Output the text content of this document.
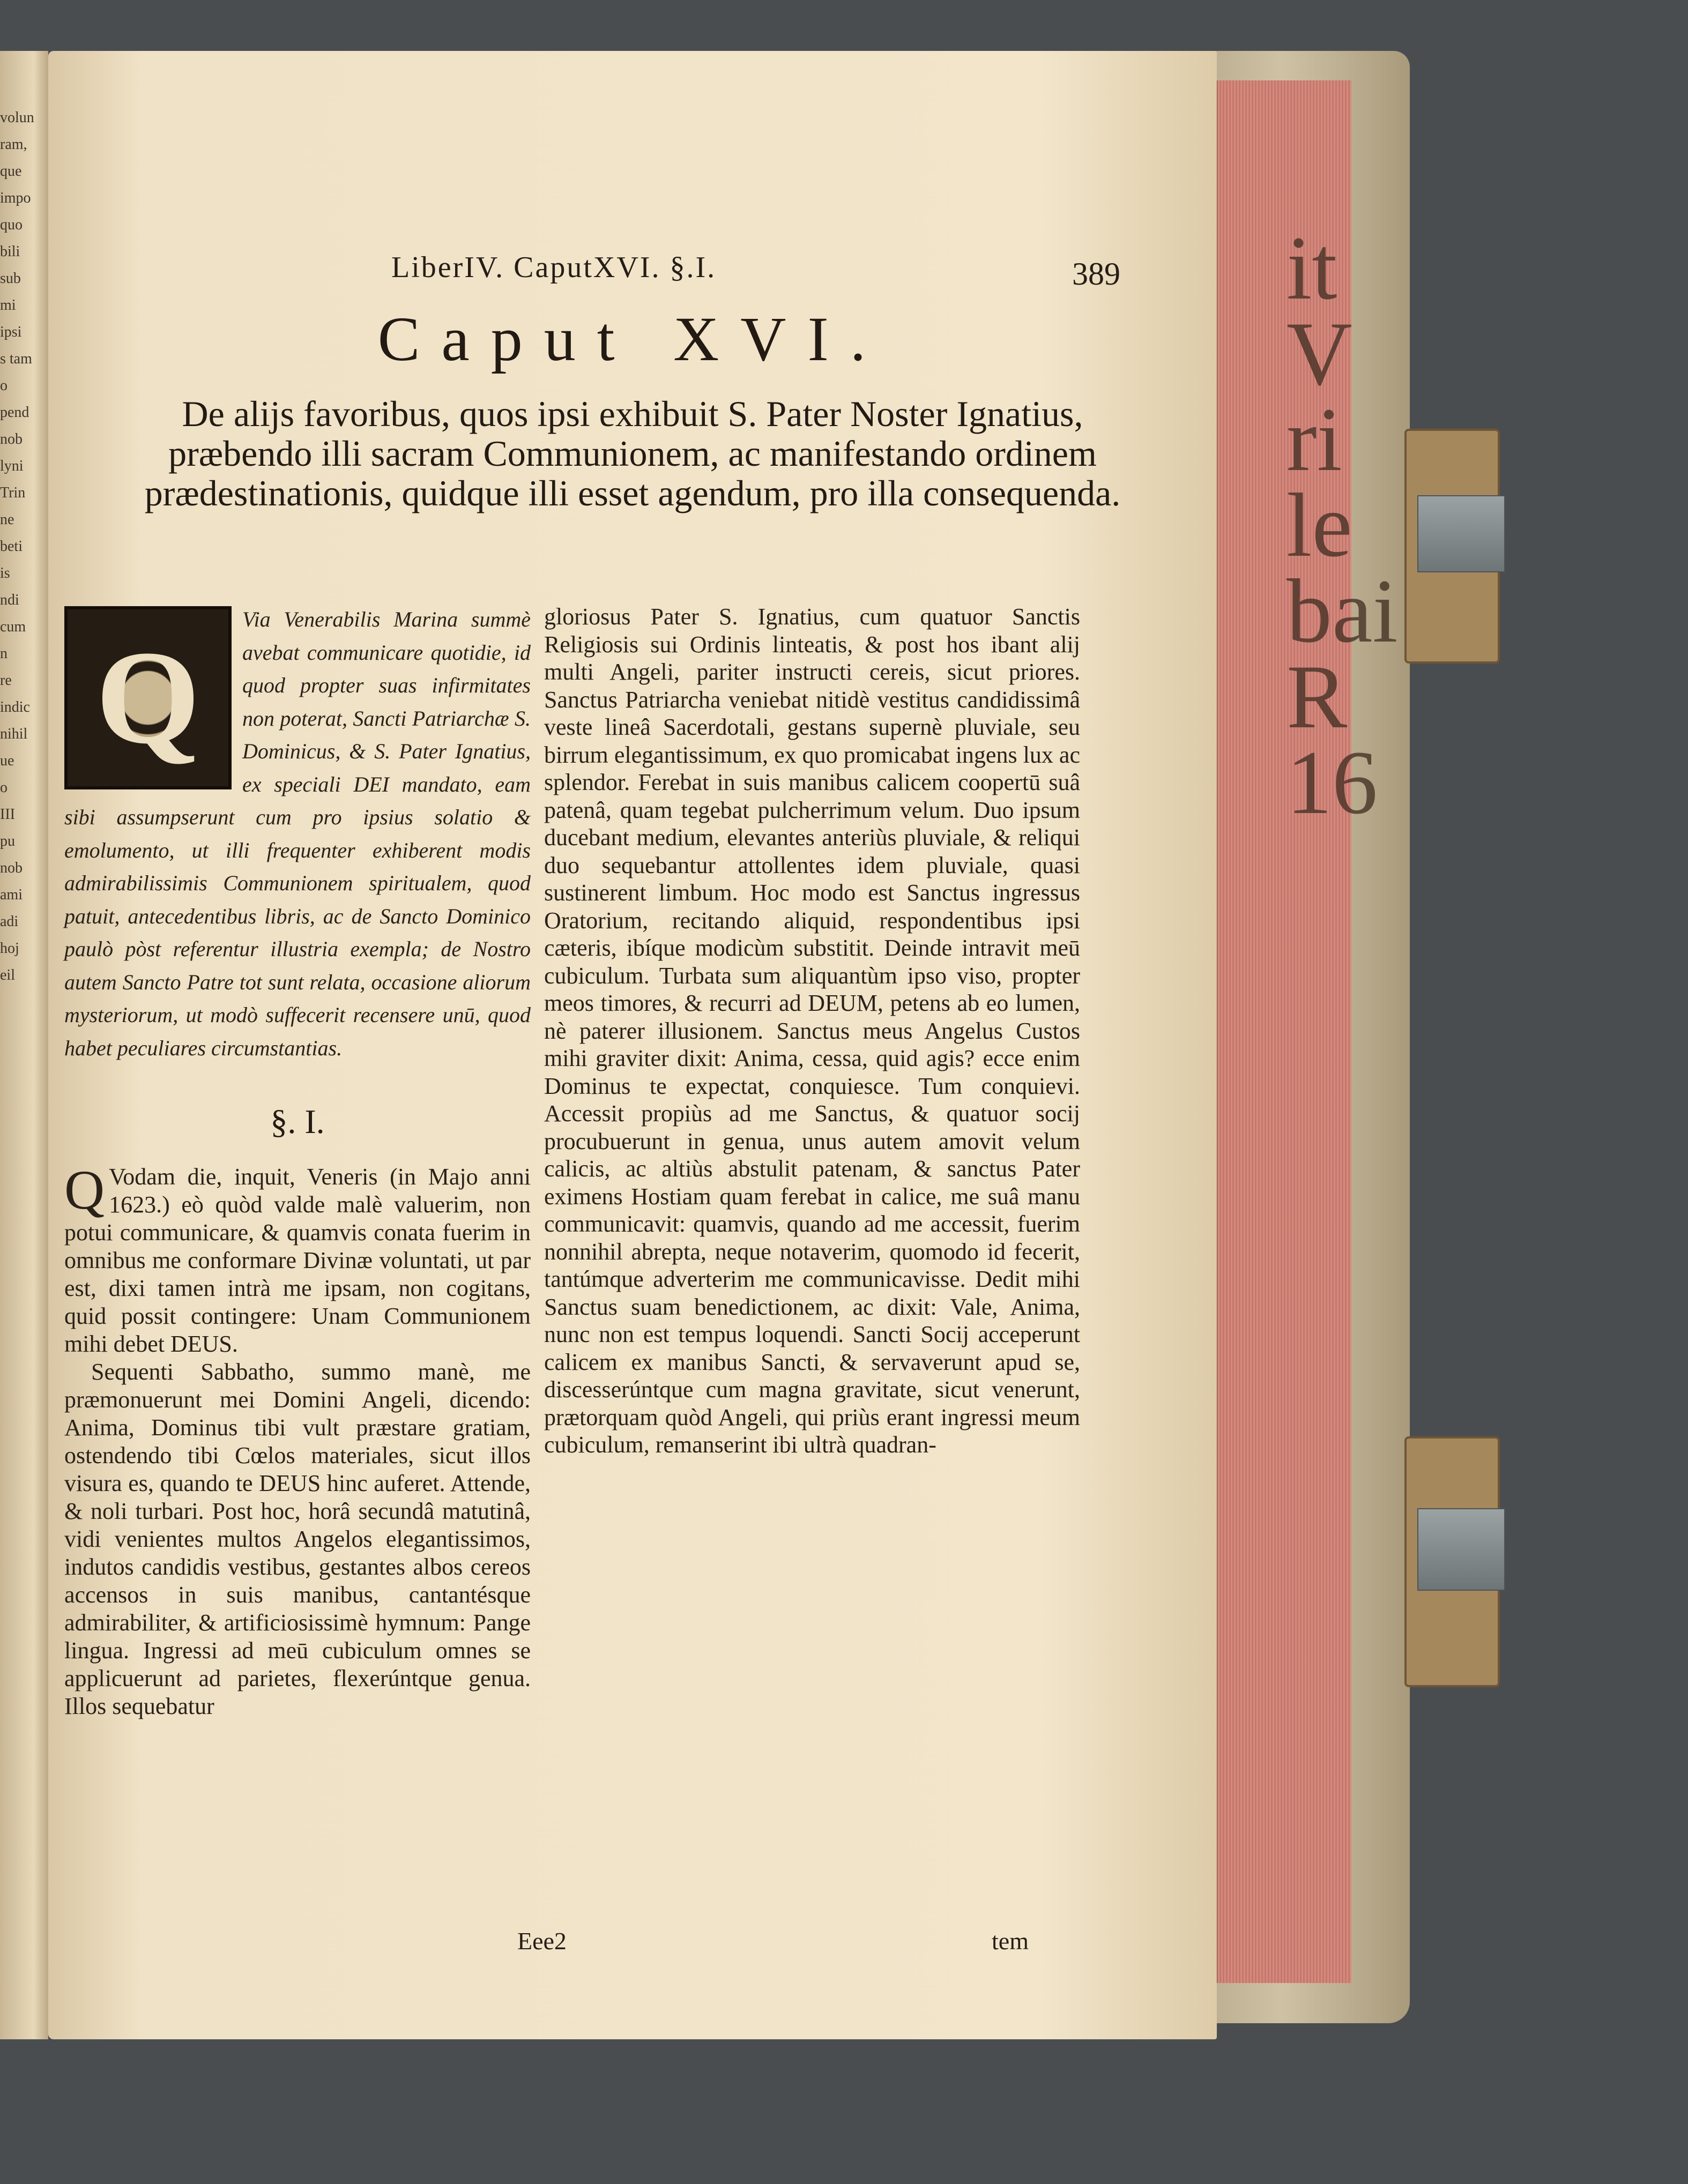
it
V
ri
le
bai
R
16
volun
ram,
que
impo
quo
bili
sub
mi
ipsi
s tam
o
pend
nob
lyni
Trin
ne
beti
is
ndi
cum
n
re
indic
nihil
ue
o
III
pu
nob
ami
adi
hoj
eil
LiberIV. CaputXVI. §.I.	389
Caput XVI.
De alijs favoribus, quos ipsi exhibuit S. Pater Noster Ignatius, præbendo illi sacram Communionem, ac manifestando ordinem prædestinationis, quidque illi esset agendum, pro illa consequenda.
Q

Via Venerabilis Marina summè avebat communicare quotidie, id quod propter suas infirmitates non poterat, Sancti Patriarchæ S. Dominicus, & S. Pater Ignatius, ex speciali DEI mandato, eam sibi assumpserunt cum pro ipsius solatio & emolumento, ut illi frequenter exhiberent modis admirabilissimis Communionem spiritualem, quod patuit, antecedentibus libris, ac de Sancto Dominico paulò pòst referentur illustria exempla; de Nostro autem Sancto Patre tot sunt relata, occasione aliorum mysteriorum, ut modò suffecerit recensere unū, quod habet peculiares circumstantias.

§. I.

Q Vodam die, inquit, Veneris (in Majo anni 1623.) eò quòd valde malè valuerim, non potui communicare, & quamvis conata fuerim in omnibus me conformare Divinæ voluntati, ut par est, dixi tamen intrà me ipsam, non cogitans, quid possit contingere: Unam Communionem mihi debet DEUS.

Sequenti Sabbatho, summo manè, me præmonuerunt mei Domini Angeli, dicendo: Anima, Dominus tibi vult præstare gratiam, ostendendo tibi Cœlos materiales, sicut illos visura es, quando te DEUS hinc auferet. Attende, & noli turbari. Post hoc, horâ secundâ matutinâ, vidi venientes multos Angelos elegantissimos, indutos candidis vestibus, gestantes albos cereos accensos in suis manibus, cantantésque admirabiliter, & artificiosissimè hymnum: Pange lingua. Ingressi ad meū cubiculum omnes se applicuerunt ad parietes, flexerúntque genua. Illos sequebatur

gloriosus Pater S. Ignatius, cum quatuor Sanctis Religiosis sui Ordinis linteatis, & post hos ibant alij multi Angeli, pariter instructi cereis, sicut priores. Sanctus Patriarcha veniebat nitidè vestitus candidissimâ veste lineâ Sacerdotali, gestans supernè pluviale, seu birrum elegantissimum, ex quo promicabat ingens lux ac splendor. Ferebat in suis manibus calicem coopertū suâ patenâ, quam tegebat pulcherrimum velum. Duo ipsum ducebant medium, elevantes anteriùs pluviale, & reliqui duo sequebantur attollentes idem pluviale, quasi sustinerent limbum. Hoc modo est Sanctus ingressus Oratorium, recitando aliquid, respondentibus ipsi cæteris, ibíque modicùm substitit. Deinde intravit meū cubiculum. Turbata sum aliquantùm ipso viso, propter meos timores, & recurri ad DEUM, petens ab eo lumen, nè paterer illusionem. Sanctus meus Angelus Custos mihi graviter dixit: Anima, cessa, quid agis? ecce enim Dominus te expectat, conquiesce. Tum conquievi. Accessit propiùs ad me Sanctus, & quatuor socij procubuerunt in genua, unus autem amovit velum calicis, ac altiùs abstulit patenam, & sanctus Pater eximens Hostiam quam ferebat in calice, me suâ manu communicavit: quamvis, quando ad me accessit, fuerim nonnihil abrepta, neque notaverim, quomodo id fecerit, tantúmque adverterim me communicavisse. Dedit mihi Sanctus suam benedictionem, ac dixit: Vale, Anima, nunc non est tempus loquendi. Sancti Socij acceperunt calicem ex manibus Sancti, & servaverunt apud se, discesserúntque cum magna gravitate, sicut venerunt, prætorquam quòd Angeli, qui priùs erant ingressi meum cubiculum, remanserint ibi ultrà quadran-

Eee2	tem
